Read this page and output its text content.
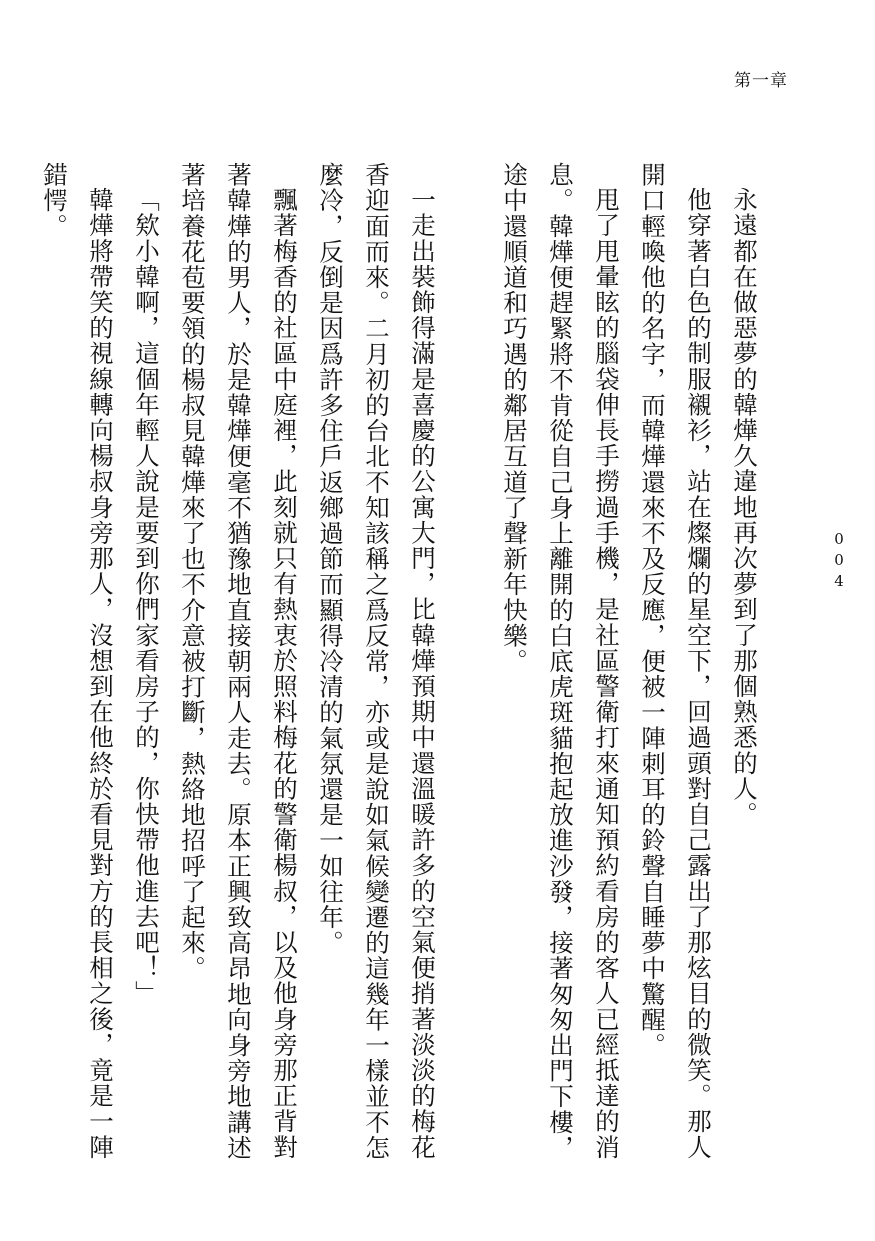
第一章
004

永遠都在做惡夢的韓燁久違地再次夢到了那個熟悉的人。

他穿著白色的制服襯衫，站在燦爛的星空下，回過頭對自己露出了那炫目的微笑。那人開口輕喚他的名字，而韓燁還來不及反應，便被一陣刺耳的鈴聲自睡夢中驚醒。

甩了甩暈眩的腦袋伸長手撈過手機，是社區警衛打來通知預約看房的客人已經抵達的消息。韓燁便趕緊將不肯從自己身上離開的白底虎斑貓抱起放進沙發，接著匆匆出門下樓，途中還順道和巧遇的鄰居互道了聲新年快樂。

一走出裝飾得滿是喜慶的公寓大門，比韓燁預期中還溫暖許多的空氣便捎著淡淡的梅花香迎面而來。二月初的台北不知該稱之爲反常，亦或是說如氣候變遷的這幾年一樣並不怎麼冷，反倒是因爲許多住戶返鄉過節而顯得冷清的氣氛還是一如往年。

飄著梅香的社區中庭裡，此刻就只有熱衷於照料梅花的警衛楊叔，以及他身旁那正背對著韓燁的男人，於是韓燁便毫不猶豫地直接朝兩人走去。原本正興致高昂地向身旁地講述著培養花苞要領的楊叔見韓燁來了也不介意被打斷，熱絡地招呼了起來。

「欸小韓啊，這個年輕人說是要到你們家看房子的，你快帶他進去吧！」

韓燁將帶笑的視線轉向楊叔身旁那人，沒想到在他終於看見對方的長相之後，竟是一陣錯愕。
